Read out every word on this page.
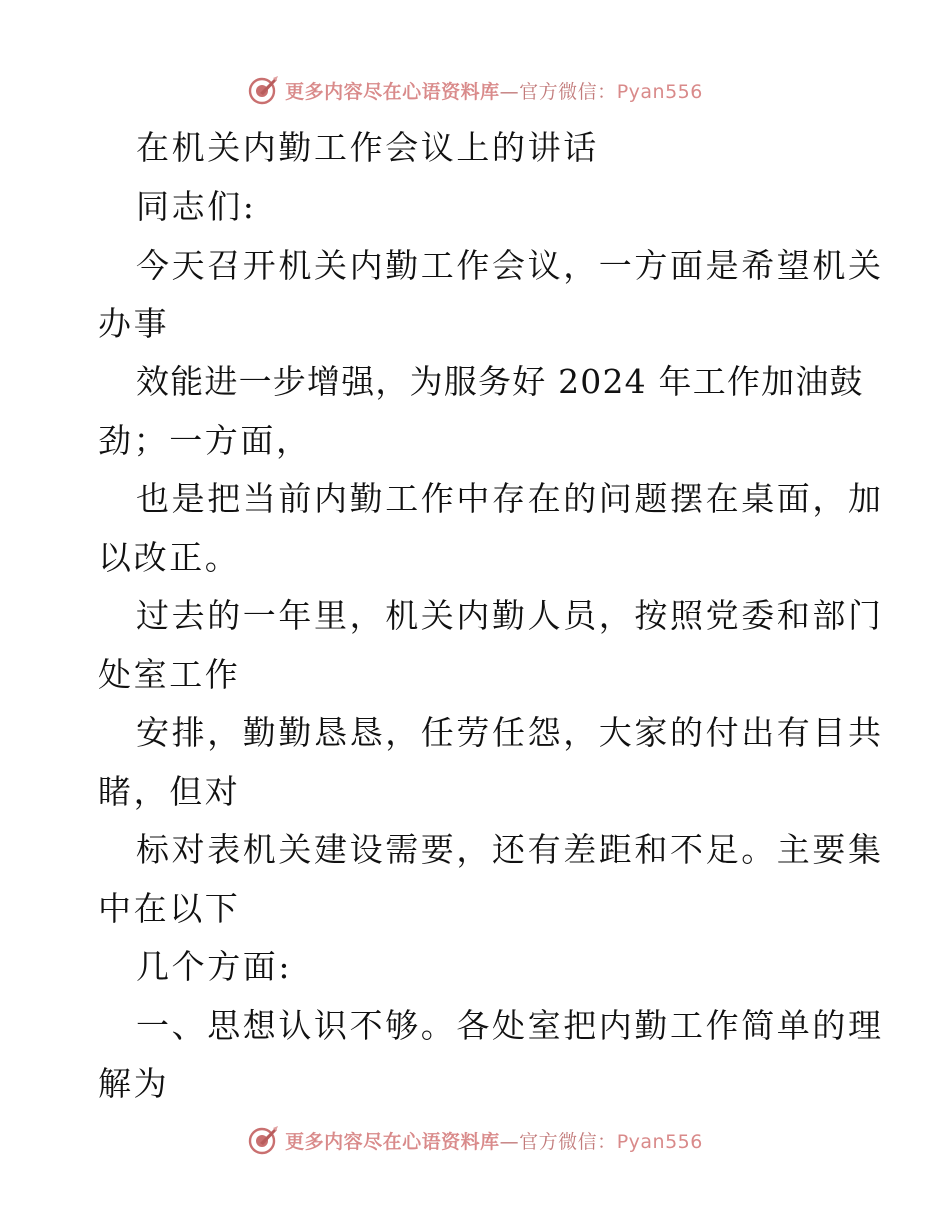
更多内容尽在心语资料库—官方微信：Pyan556
在机关内勤工作会议上的讲话
同志们:
今天召开机关内勤工作会议，一方面是希望机关
办事
效能进一步增强，为服务好 2024 年工作加油鼓
劲；一方面，
也是把当前内勤工作中存在的问题摆在桌面，加
以改正。
过去的一年里，机关内勤人员，按照党委和部门
处室工作
安排，勤勤恳恳，任劳任怨，大家的付出有目共
睹，但对
标对表机关建设需要，还有差距和不足。主要集
中在以下
几个方面:
一、思想认识不够。各处室把内勤工作简单的理
解为
更多内容尽在心语资料库—官方微信：Pyan556
